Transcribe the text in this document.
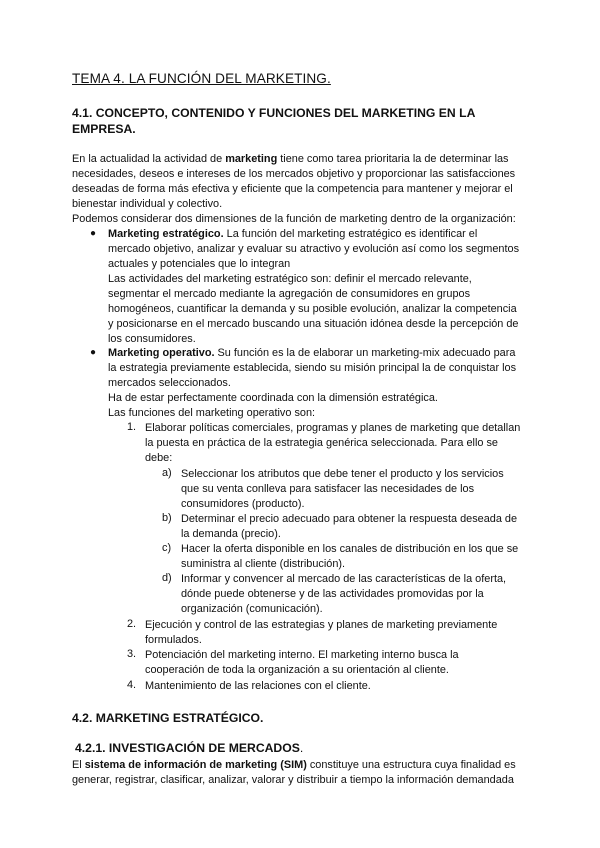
TEMA 4. LA FUNCIÓN DEL MARKETING.
4.1. CONCEPTO, CONTENIDO Y FUNCIONES DEL MARKETING EN LA
EMPRESA.
En la actualidad la actividad de marketing tiene como tarea prioritaria la de determinar las
necesidades, deseos e intereses de los mercados objetivo y proporcionar las satisfacciones
deseadas de forma más efectiva y eficiente que la competencia para mantener y mejorar el
bienestar individual y colectivo.
Podemos considerar dos dimensiones de la función de marketing dentro de la organización:
● Marketing estratégico. La función del marketing estratégico es identificar el
mercado objetivo, analizar y evaluar su atractivo y evolución así como los segmentos
actuales y potenciales que lo integran
Las actividades del marketing estratégico son: definir el mercado relevante,
segmentar el mercado mediante la agregación de consumidores en grupos
homogéneos, cuantificar la demanda y su posible evolución, analizar la competencia
y posicionarse en el mercado buscando una situación idónea desde la percepción de
los consumidores.
● Marketing operativo. Su función es la de elaborar un marketing-mix adecuado para
la estrategia previamente establecida, siendo su misión principal la de conquistar los
mercados seleccionados.
Ha de estar perfectamente coordinada con la dimensión estratégica.
Las funciones del marketing operativo son:
1. Elaborar políticas comerciales, programas y planes de marketing que detallan
la puesta en práctica de la estrategia genérica seleccionada. Para ello se
debe:
a) Seleccionar los atributos que debe tener el producto y los servicios
que su venta conlleva para satisfacer las necesidades de los
consumidores (producto).
b) Determinar el precio adecuado para obtener la respuesta deseada de
la demanda (precio).
c) Hacer la oferta disponible en los canales de distribución en los que se
suministra al cliente (distribución).
d) Informar y convencer al mercado de las características de la oferta,
dónde puede obtenerse y de las actividades promovidas por la
organización (comunicación).
2. Ejecución y control de las estrategias y planes de marketing previamente
formulados.
3. Potenciación del marketing interno. El marketing interno busca la
cooperación de toda la organización a su orientación al cliente.
4. Mantenimiento de las relaciones con el cliente.
4.2. MARKETING ESTRATÉGICO.
4.2.1. INVESTIGACIÓN DE MERCADOS.
El sistema de información de marketing (SIM) constituye una estructura cuya finalidad es
generar, registrar, clasificar, analizar, valorar y distribuir a tiempo la información demandada
